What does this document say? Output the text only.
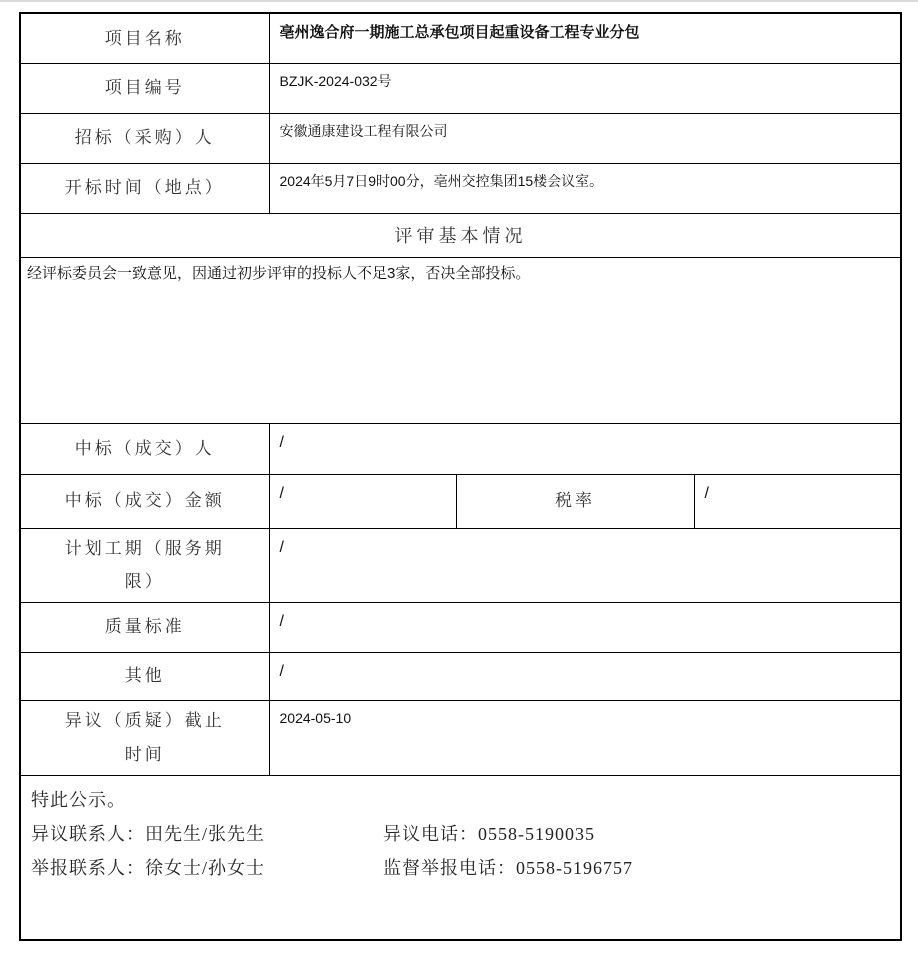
项目名称	亳州逸合府一期施工总承包项目起重设备工程专业分包		
项目编号	BZJK-2024-032号		
招标（采购）人	安徽通康建设工程有限公司		
开标时间（地点）	2024年5月7日9时00分，亳州交控集团15楼会议室。		
评审基本情况			
经评标委员会一致意见，因通过初步评审的投标人不足3家，否决全部投标。			
中标（成交）人	/		
中标（成交）金额	/	税率	/
计划工期（服务期限）	/		
质量标准	/		
其他	/		
异议（质疑）截止时间	2024-05-10		

特此公示。
异议联系人：田先生/张先生 异议电话：0558-5190035
举报联系人：徐女士/孙女士 监督举报电话：0558-5196757			
